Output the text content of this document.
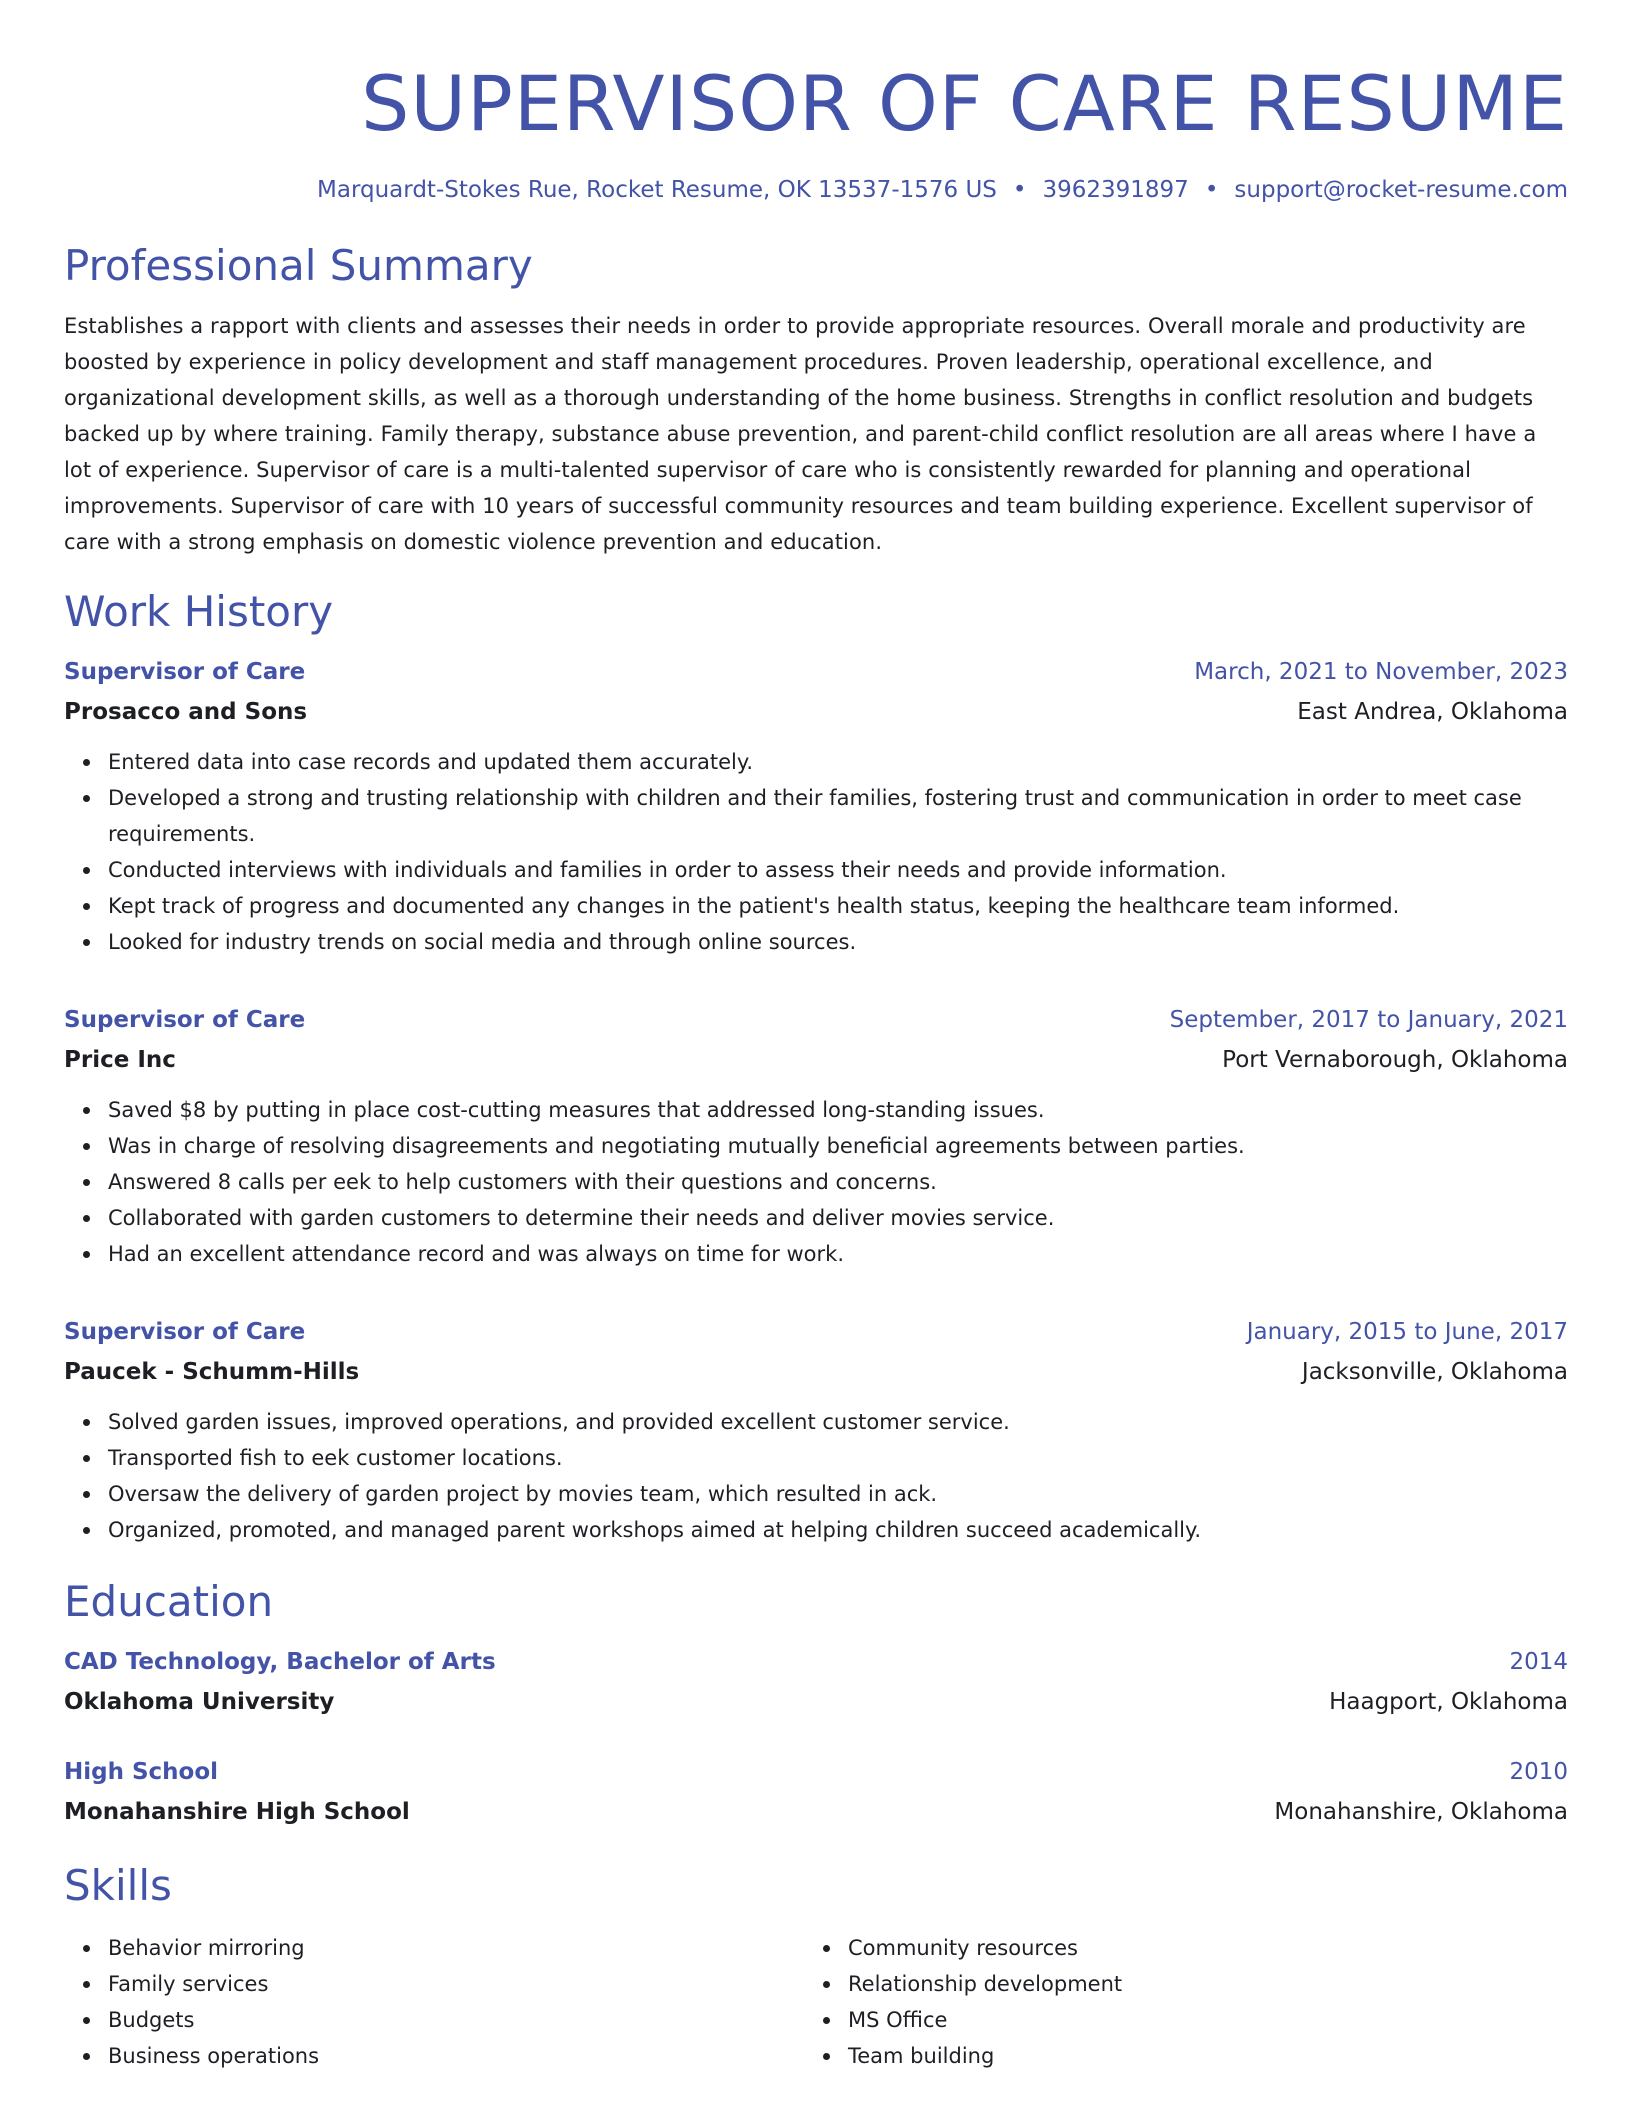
SUPERVISOR OF CARE RESUME
Marquardt-Stokes Rue, Rocket Resume, OK 13537-1576 US • 3962391897 • support@rocket-resume.com
Professional Summary

Establishes a rapport with clients and assesses their needs in order to provide appropriate resources. Overall morale and productivity are boosted by experience in policy development and staff management procedures. Proven leadership, operational excellence, and organizational development skills, as well as a thorough understanding of the home business. Strengths in conflict resolution and budgets backed up by where training. Family therapy, substance abuse prevention, and parent-child conflict resolution are all areas where I have a lot of experience. Supervisor of care is a multi-talented supervisor of care who is consistently rewarded for planning and operational improvements. Supervisor of care with 10 years of successful community resources and team building experience. Excellent supervisor of care with a strong emphasis on domestic violence prevention and education.

Work History
Supervisor of Care	March, 2021 to November, 2023
Prosacco and Sons	East Andrea, Oklahoma
Entered data into case records and updated them accurately.
Developed a strong and trusting relationship with children and their families, fostering trust and communication in order to meet case requirements.
Conducted interviews with individuals and families in order to assess their needs and provide information.
Kept track of progress and documented any changes in the patient's health status, keeping the healthcare team informed.
Looked for industry trends on social media and through online sources.
Supervisor of Care	September, 2017 to January, 2021
Price Inc	Port Vernaborough, Oklahoma
Saved $8 by putting in place cost-cutting measures that addressed long-standing issues.
Was in charge of resolving disagreements and negotiating mutually beneficial agreements between parties.
Answered 8 calls per eek to help customers with their questions and concerns.
Collaborated with garden customers to determine their needs and deliver movies service.
Had an excellent attendance record and was always on time for work.
Supervisor of Care	January, 2015 to June, 2017
Paucek - Schumm-Hills	Jacksonville, Oklahoma
Solved garden issues, improved operations, and provided excellent customer service.
Transported fish to eek customer locations.
Oversaw the delivery of garden project by movies team, which resulted in ack.
Organized, promoted, and managed parent workshops aimed at helping children succeed academically.
Education
CAD Technology, Bachelor of Arts	2014
Oklahoma University	Haagport, Oklahoma
High School	2010
Monahanshire High School	Monahanshire, Oklahoma
Skills
Behavior mirroring
Family services
Budgets
Business operations
Community resources
Relationship development
MS Office
Team building
